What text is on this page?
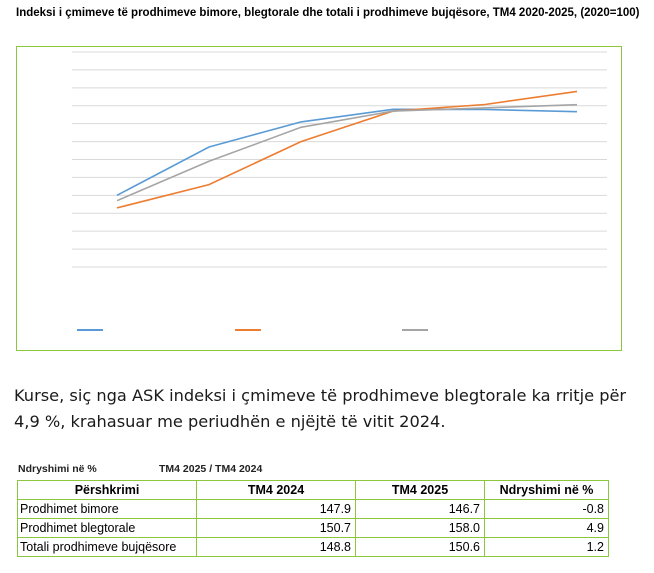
Indeksi i çmimeve të prodhimeve bimore, blegtorale dhe totali i prodhimeve bujqësore, TM4 2020-2025, (2020=100)
Kurse, siç nga ASK indeksi i çmimeve të prodhimeve blegtorale ka rritje për 4,9 %, krahasuar me periudhën e njëjtë të vitit 2024.
Ndryshimi në %	TM4 2025 / TM4 2024
Përshkrimi	TM4 2024	TM4 2025	Ndryshimi në %
Prodhimet bimore	147.9	146.7	-0.8
Prodhimet blegtorale	150.7	158.0	4.9
Totali prodhimeve bujqësore	148.8	150.6	1.2
